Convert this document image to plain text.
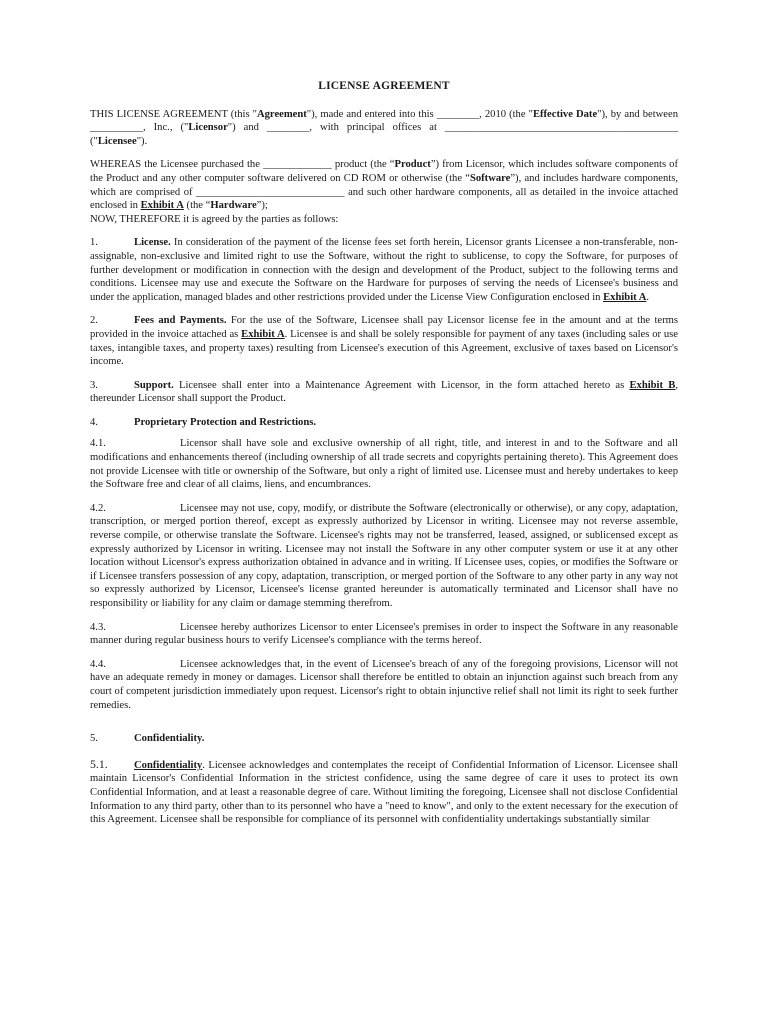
LICENSE AGREEMENT

THIS LICENSE AGREEMENT (this "Agreement"), made and entered into this ________, 2010 (the "Effective Date"), by and between __________, Inc., ("Licensor") and ________, with principal offices at ____________________________________________ ("Licensee").

WHEREAS the Licensee purchased the _____________ product (the “Product”) from Licensor, which includes software components of the Product and any other computer software delivered on CD ROM or otherwise (the “Software”), and includes hardware components, which are comprised of ____________________________ and such other hardware components, all as detailed in the invoice attached enclosed in Exhibit A (the “Hardware”);

NOW, THEREFORE it is agreed by the parties as follows:

1.	License. In consideration of the payment of the license fees set forth herein, Licensor grants Licensee a non-transferable, non-assignable, non-exclusive and limited right to use the Software, without the right to sublicense, to copy the Software, for purposes of further development or modification in connection with the design and development of the Product, subject to the following terms and conditions. Licensee may use and execute the Software on the Hardware for purposes of serving the needs of Licensee's business and under the application, managed blades and other restrictions provided under the License View Configuration enclosed in Exhibit A.

2.	Fees and Payments. For the use of the Software, Licensee shall pay Licensor license fee in the amount and at the terms provided in the invoice attached as Exhibit A. Licensee is and shall be solely responsible for payment of any taxes (including sales or use taxes, intangible taxes, and property taxes) resulting from Licensee's execution of this Agreement, exclusive of taxes based on Licensor's income.

3.	Support. Licensee shall enter into a Maintenance Agreement with Licensor, in the form attached hereto as Exhibit B, thereunder Licensor shall support the Product.

4.	Proprietary Protection and Restrictions.

4.1.	Licensor shall have sole and exclusive ownership of all right, title, and interest in and to the Software and all modifications and enhancements thereof (including ownership of all trade secrets and copyrights pertaining thereto). This Agreement does not provide Licensee with title or ownership of the Software, but only a right of limited use. Licensee must and hereby undertakes to keep the Software free and clear of all claims, liens, and encumbrances.

4.2.	Licensee may not use, copy, modify, or distribute the Software (electronically or otherwise), or any copy, adaptation, transcription, or merged portion thereof, except as expressly authorized by Licensor in writing. Licensee may not reverse assemble, reverse compile, or otherwise translate the Software. Licensee's rights may not be transferred, leased, assigned, or sublicensed except as expressly authorized by Licensor in writing. Licensee may not install the Software in any other computer system or use it at any other location without Licensor's express authorization obtained in advance and in writing. If Licensee uses, copies, or modifies the Software or if Licensee transfers possession of any copy, adaptation, transcription, or merged portion of the Software to any other party in any way not so expressly authorized by Licensor, Licensee's license granted hereunder is automatically terminated and Licensor shall have no responsibility or liability for any claim or damage stemming therefrom.

4.3.	Licensee hereby authorizes Licensor to enter Licensee's premises in order to inspect the Software in any reasonable manner during regular business hours to verify Licensee's compliance with the terms hereof.

4.4.	Licensee acknowledges that, in the event of Licensee's breach of any of the foregoing provisions, Licensor will not have an adequate remedy in money or damages. Licensor shall therefore be entitled to obtain an injunction against such breach from any court of competent jurisdiction immediately upon request. Licensor's right to obtain injunctive relief shall not limit its right to seek further remedies.

5.	Confidentiality.

5.1. Confidentiality. Licensee acknowledges and contemplates the receipt of Confidential Information of Licensor. Licensee shall maintain Licensor's Confidential Information in the strictest confidence, using the same degree of care it uses to protect its own Confidential Information, and at least a reasonable degree of care. Without limiting the foregoing, Licensee shall not disclose Confidential Information to any third party, other than to its personnel who have a "need to know", and only to the extent necessary for the execution of this Agreement. Licensee shall be responsible for compliance of its personnel with confidentiality undertakings substantially similar
